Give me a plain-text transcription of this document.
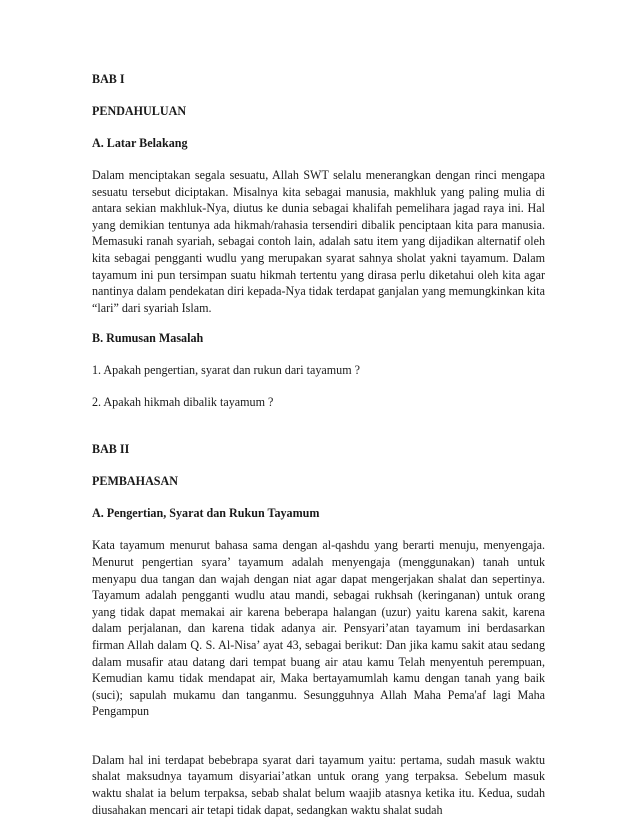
BAB I

PENDAHULUAN

A. Latar Belakang

Dalam menciptakan segala sesuatu, Allah SWT selalu menerangkan dengan rinci mengapa sesuatu tersebut diciptakan. Misalnya kita sebagai manusia, makhluk yang paling mulia di antara sekian makhluk-Nya, diutus ke dunia sebagai khalifah pemelihara jagad raya ini. Hal yang demikian tentunya ada hikmah/rahasia tersendiri dibalik penciptaan kita para manusia. Memasuki ranah syariah, sebagai contoh lain, adalah satu item yang dijadikan alternatif oleh kita sebagai pengganti wudlu yang merupakan syarat sahnya sholat yakni tayamum. Dalam tayamum ini pun tersimpan suatu hikmah tertentu yang dirasa perlu diketahui oleh kita agar nantinya dalam pendekatan diri kepada-Nya tidak terdapat ganjalan yang memungkinkan kita “lari” dari syariah Islam.

B. Rumusan Masalah

1. Apakah pengertian, syarat dan rukun dari tayamum ?

2. Apakah hikmah dibalik tayamum ?

BAB II

PEMBAHASAN

A. Pengertian, Syarat dan Rukun Tayamum

Kata tayamum menurut bahasa sama dengan al-qashdu yang berarti menuju, menyengaja. Menurut pengertian syara’ tayamum adalah menyengaja (menggunakan) tanah untuk menyapu dua tangan dan wajah dengan niat agar dapat mengerjakan shalat dan sepertinya. Tayamum adalah pengganti wudlu atau mandi, sebagai rukhsah (keringanan) untuk orang yang tidak dapat memakai air karena beberapa halangan (uzur) yaitu karena sakit, karena dalam perjalanan, dan karena tidak adanya air. Pensyari’atan tayamum ini berdasarkan firman Allah dalam Q. S. Al-Nisa’ ayat 43, sebagai berikut: Dan jika kamu sakit atau sedang dalam musafir atau datang dari tempat buang air atau kamu Telah menyentuh perempuan, Kemudian kamu tidak mendapat air, Maka bertayamumlah kamu dengan tanah yang baik (suci); sapulah mukamu dan tanganmu. Sesungguhnya Allah Maha Pema'af lagi Maha Pengampun

Dalam hal ini terdapat bebebrapa syarat dari tayamum yaitu: pertama, sudah masuk waktu shalat maksudnya tayamum disyariai’atkan untuk orang yang terpaksa. Sebelum masuk waktu shalat ia belum terpaksa, sebab shalat belum waajib atasnya ketika itu. Kedua, sudah diusahakan mencari air tetapi tidak dapat, sedangkan waktu shalat sudah
